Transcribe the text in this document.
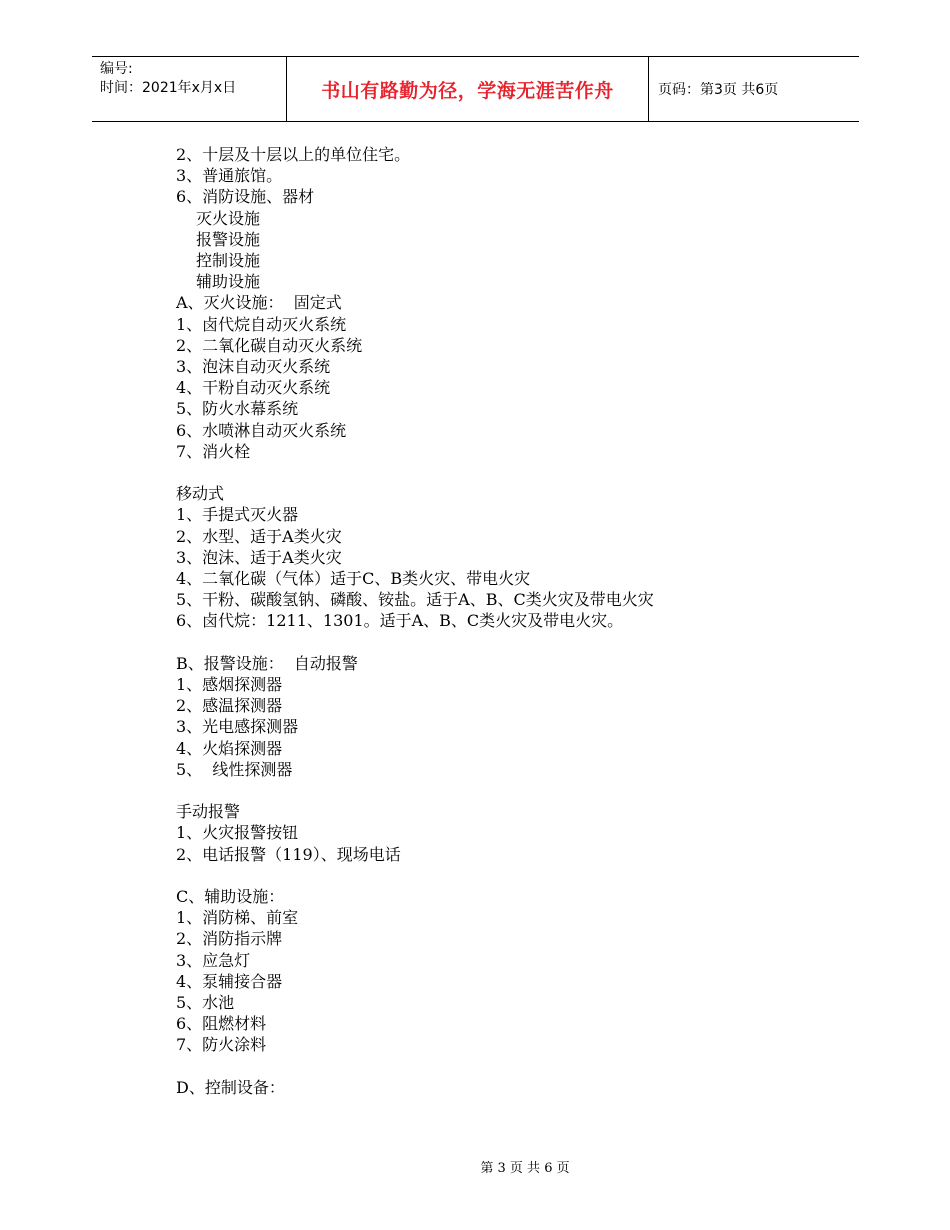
编号:
时间：2021年x月x日	书山有路勤为径，学海无涯苦作舟	页码：第3页 共6页
2、十层及十层以上的单位住宅。
3、普通旅馆。
6、消防设施、器材
灭火设施
报警设施
控制设施
辅助设施
A、灭火设施：  固定式
1、卤代烷自动灭火系统
2、二氧化碳自动灭火系统
3、泡沫自动灭火系统
4、干粉自动灭火系统
5、防火水幕系统
6、水喷淋自动灭火系统
7、消火栓
移动式
1、手提式灭火器
2、水型、适于A类火灾
3、泡沫、适于A类火灾
4、二氧化碳（气体）适于C、B类火灾、带电火灾
5、干粉、碳酸氢钠、磷酸、铵盐。适于A、B、C类火灾及带电火灾
6、卤代烷：1211、1301。适于A、B、C类火灾及带电火灾。
B、报警设施：  自动报警
1、感烟探测器
2、感温探测器
3、光电感探测器
4、火焰探测器
5、  线性探测器
手动报警
1、火灾报警按钮
2、电话报警（119）、现场电话
C、辅助设施：
1、消防梯、前室
2、消防指示牌
3、应急灯
4、泵辅接合器
5、水池
6、阻燃材料
7、防火涂料
D、控制设备：
第 3 页 共 6 页
